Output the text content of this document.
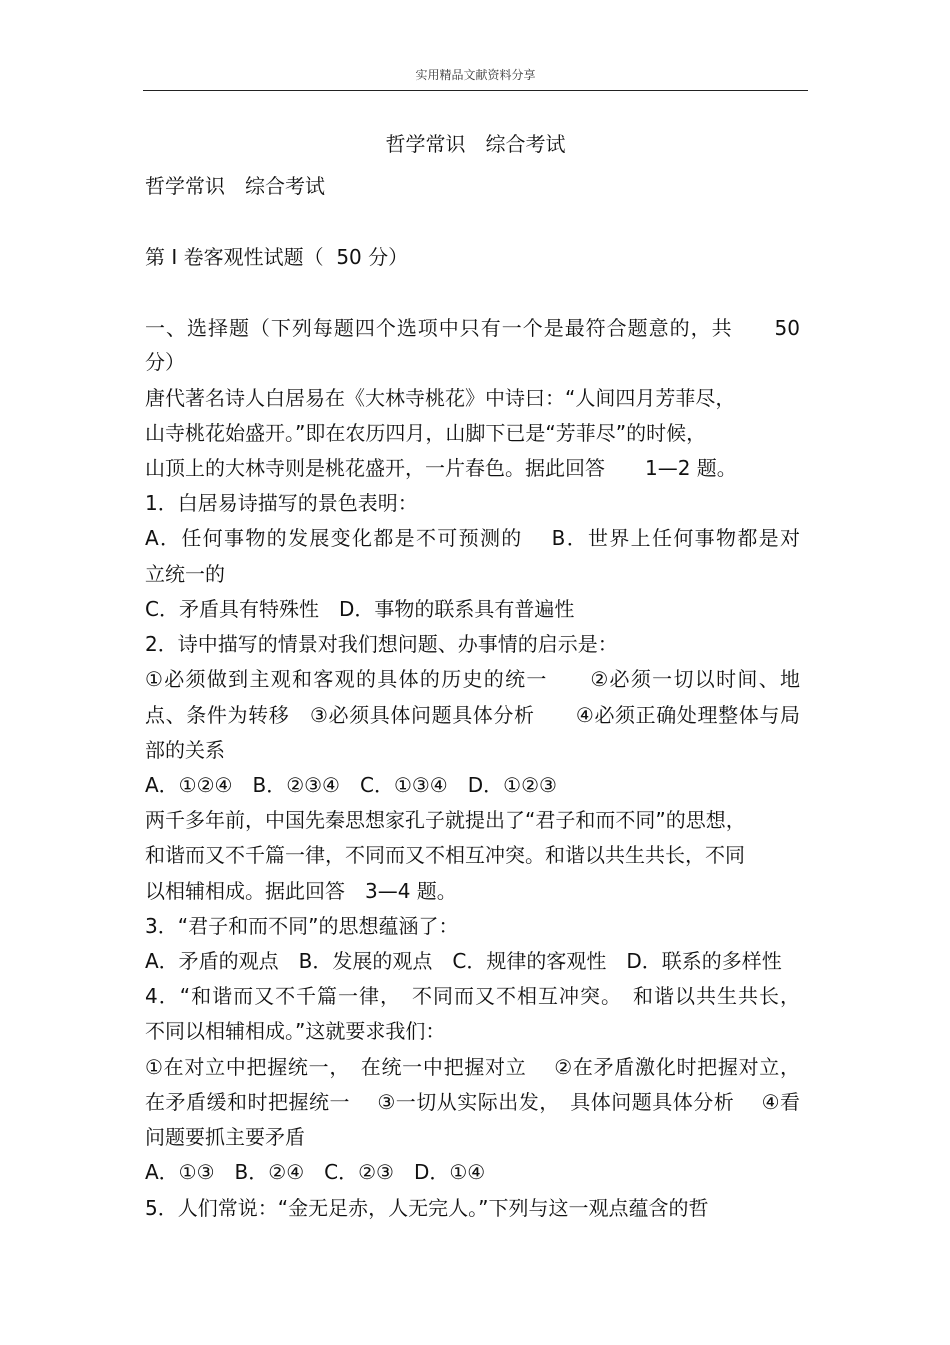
实用精品文献资料分享
哲学常识　综合考试
哲学常识　综合考试
第 I 卷客观性试题（  50 分）
一、选择题（下列每题四个选项中只有一个是最符合题意的，共　　50
分）
唐代著名诗人白居易在《大林寺桃花》中诗曰：“人间四月芳菲尽，
山寺桃花始盛开。”即在农历四月，山脚下已是“芳菲尽”的时候，
山顶上的大林寺则是桃花盛开，一片春色。据此回答　　1—2 题。
1．白居易诗描写的景色表明：
A．任何事物的发展变化都是不可预测的　 B．世界上任何事物都是对
立统一的
C．矛盾具有特殊性　D．事物的联系具有普遍性
2．诗中描写的情景对我们想问题、办事情的启示是：
①必须做到主观和客观的具体的历史的统一　　②必须一切以时间、地
点、条件为转移　③必须具体问题具体分析　　④必须正确处理整体与局
部的关系
A．①②④　B．②③④　C．①③④　D．①②③
两千多年前，中国先秦思想家孔子就提出了“君子和而不同”的思想，
和谐而又不千篇一律，不同而又不相互冲突。和谐以共生共长，不同
以相辅相成。据此回答　3—4 题。
3．“君子和而不同”的思想蕴涵了：
A．矛盾的观点　B．发展的观点　C．规律的客观性　D．联系的多样性
4．“和谐而又不千篇一律，　不同而又不相互冲突。　和谐以共生共长，
不同以相辅相成。”这就要求我们：
①在对立中把握统一，　在统一中把握对立　 ②在矛盾激化时把握对立，
在矛盾缓和时把握统一　 ③一切从实际出发，　具体问题具体分析　 ④看
问题要抓主要矛盾
A．①③　B．②④　C．②③　D．①④
5．人们常说：“金无足赤，人无完人。”下列与这一观点蕴含的哲
